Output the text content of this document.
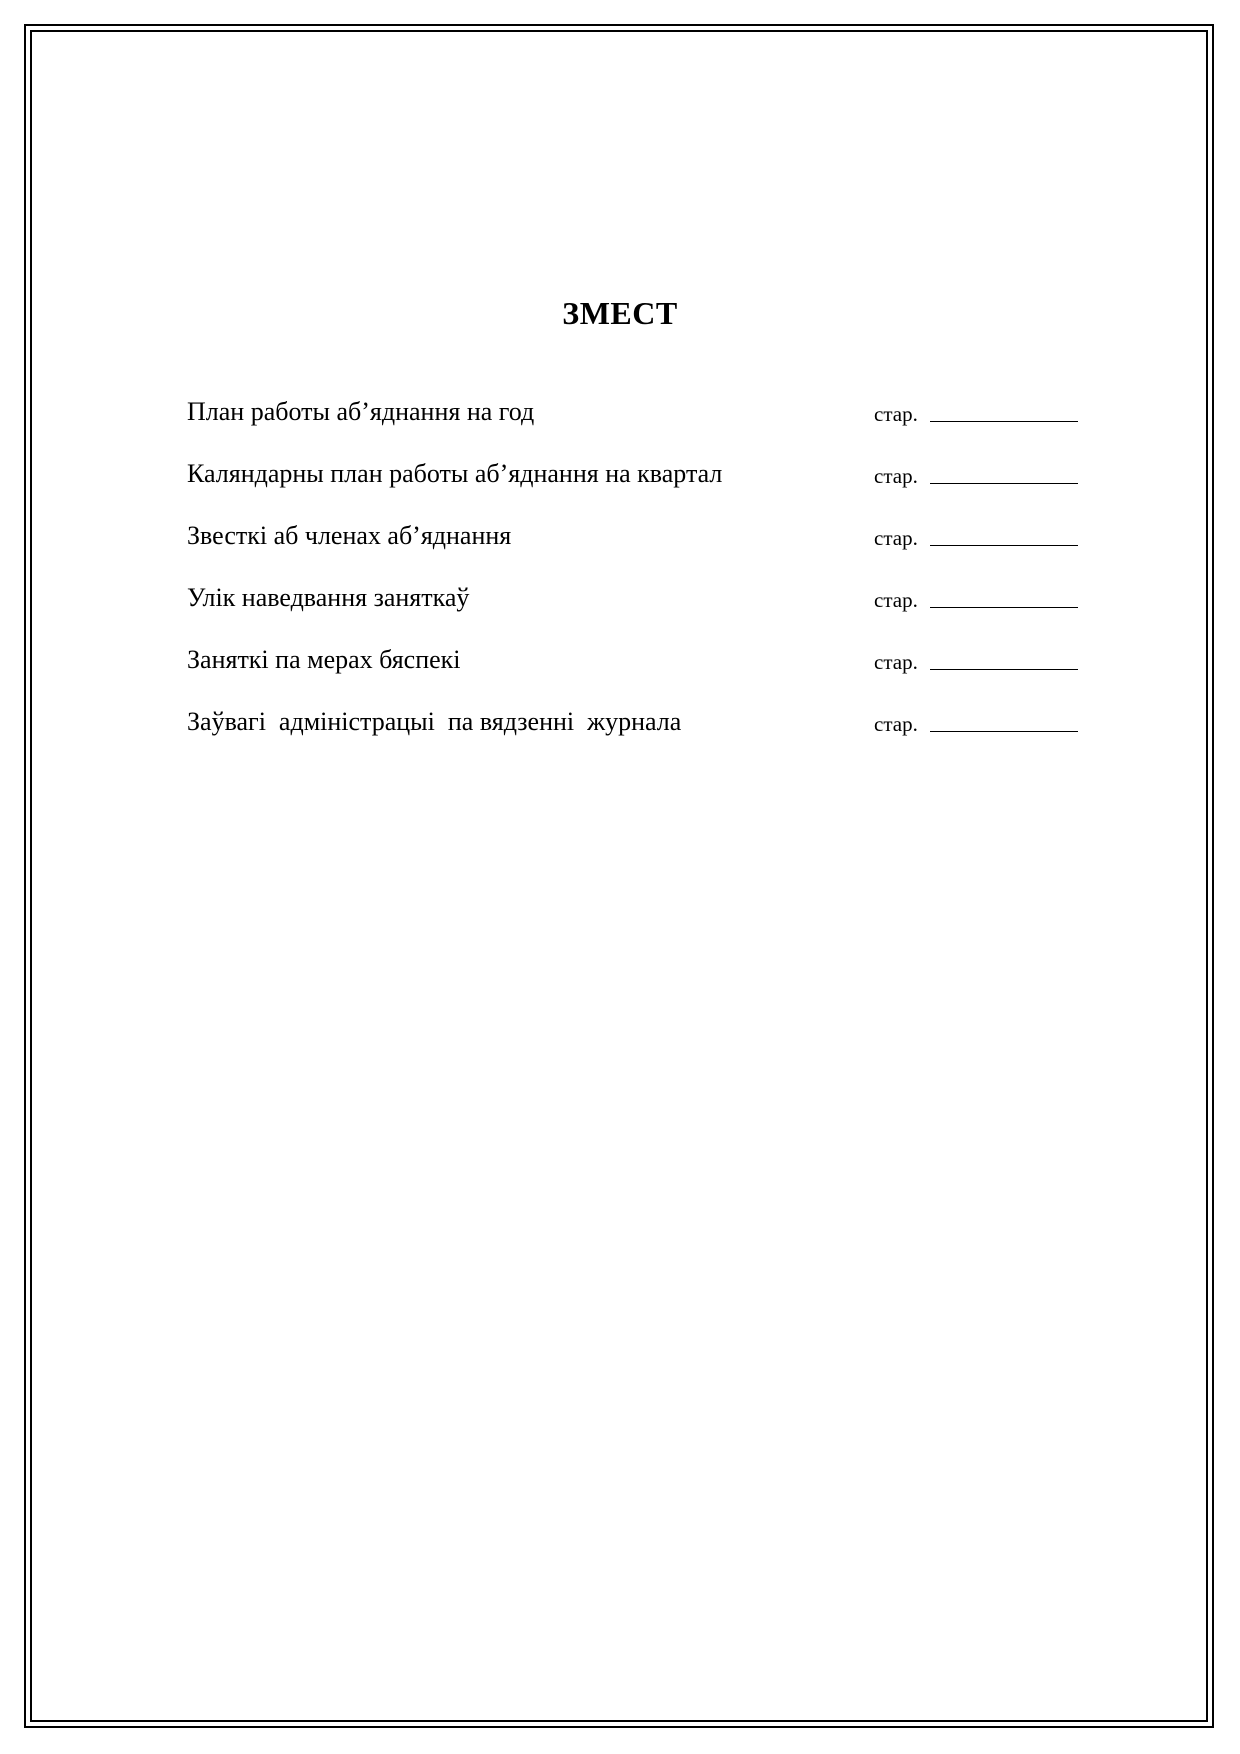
ЗМЕСТ
План работы аб’яднання на год	стар.
Каляндарны план работы аб’яднання на квартал	стар.
Звесткі аб членах аб’яднання	стар.
Улік наведвання заняткаў	стар.
Заняткі па мерах бяспекі	стар.
Заўвагі  адміністрацыі  па вядзенні  журнала	стар.
